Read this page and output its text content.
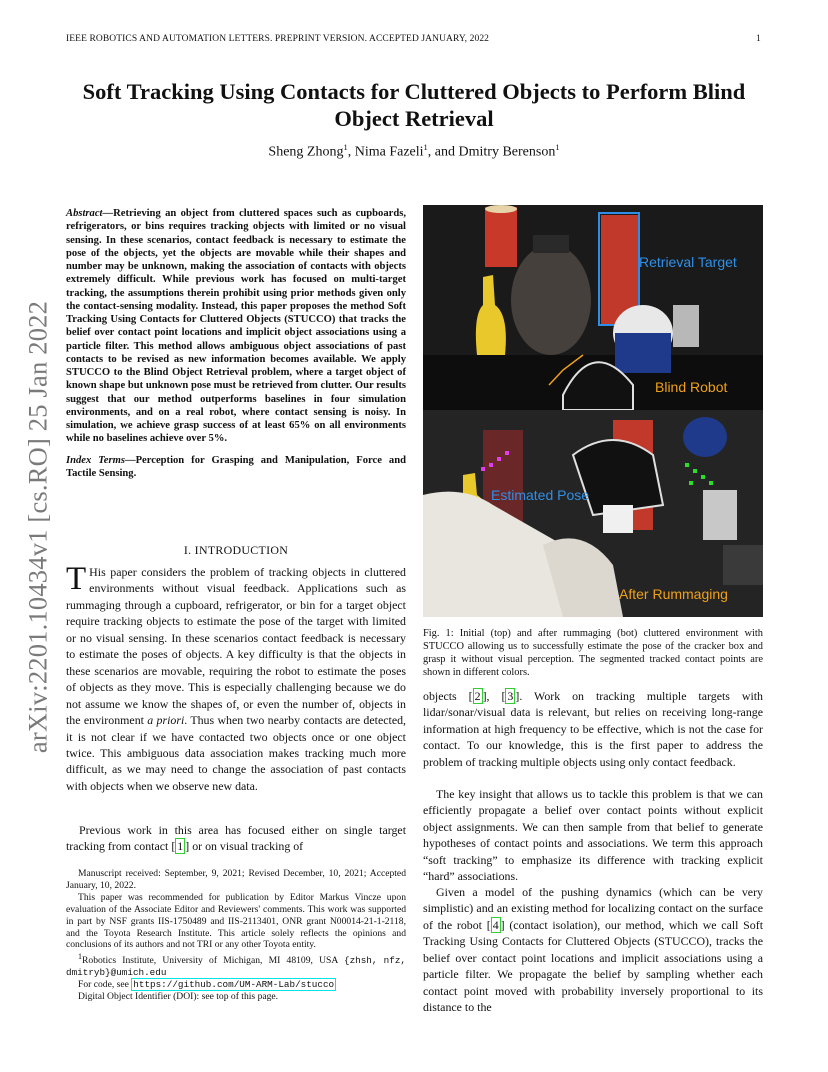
IEEE ROBOTICS AND AUTOMATION LETTERS. PREPRINT VERSION. ACCEPTED JANUARY, 2022	1
arXiv:2201.10434v1 [cs.RO] 25 Jan 2022
Soft Tracking Using Contacts for Cluttered Objects to Perform Blind Object Retrieval
Sheng Zhong$^1$, Nima Fazeli$^1$, and Dmitry Berenson$^1$

Abstract—Retrieving an object from cluttered spaces such as cupboards, refrigerators, or bins requires tracking objects with limited or no visual sensing. In these scenarios, contact feedback is necessary to estimate the pose of the objects, yet the objects are movable while their shapes and number may be unknown, making the association of contacts with objects extremely difficult. While previous work has focused on multi-target tracking, the assumptions therein prohibit using prior methods given only the contact-sensing modality. Instead, this paper proposes the method Soft Tracking Using Contacts for Cluttered Objects (STUCCO) that tracks the belief over contact point locations and implicit object associations using a particle filter. This method allows ambiguous object associations of past contacts to be revised as new information becomes available. We apply STUCCO to the Blind Object Retrieval problem, where a target object of known shape but unknown pose must be retrieved from clutter. Our results suggest that our method outperforms baselines in four simulation environments, and on a real robot, where contact sensing is noisy. In simulation, we achieve grasp success of at least 65% on all environments while no baselines achieve over 5%.

Index Terms—Perception for Grasping and Manipulation, Force and Tactile Sensing.

I. INTRODUCTION
T His paper considers the problem of tracking objects in cluttered environments without visual feedback. Applications such as rummaging through a cupboard, refrigerator, or bin for a target object require tracking objects to estimate the pose of the target with limited or no visual sensing. In these scenarios contact feedback is necessary to estimate the poses of objects. A key difficulty is that the objects in these scenarios are movable, requiring the robot to estimate the poses of objects as they move. This is especially challenging because we do not assume we know the shapes of, or even the number of, objects in the environment a priori. Thus when two nearby contacts are detected, it is not clear if we have contacted two objects once or one object twice. This ambiguous data association makes tracking much more difficult, as we may need to change the association of past contacts with objects when we observe new data.
Previous work in this area has focused either on single target tracking from contact [ 1 ] or on visual tracking of

Manuscript received: September, 9, 2021; Revised December, 10, 2021; Accepted January, 10, 2022.

This paper was recommended for publication by Editor Markus Vincze upon evaluation of the Associate Editor and Reviewers' comments. This work was supported in part by NSF grants IIS-1750489 and IIS-2113401, ONR grant N00014-21-1-2118, and the Toyota Research Institute. This article solely reflects the opinions and conclusions of its authors and not TRI or any other Toyota entity.

$^1$Robotics Institute, University of Michigan, MI 48109, USA {zhsh, nfz, dmitryb}@umich.edu

For code, see https://github.com/UM-ARM-Lab/stucco

Digital Object Identifier (DOI): see top of this page.

Retrieval Target
Blind Robot
Estimated Pose
After Rummaging
Fig. 1: Initial (top) and after rummaging (bot) cluttered environment with STUCCO allowing us to successfully estimate the pose of the cracker box and grasp it without visual perception. The segmented tracked contact points are shown in different colors.
objects [ 2 ], [ 3 ]. Work on tracking multiple targets with lidar/sonar/visual data is relevant, but relies on receiving long-range information at high frequency to be effective, which is not the case for contact. To our knowledge, this is the first paper to address the problem of tracking multiple objects using only contact feedback.
The key insight that allows us to tackle this problem is that we can efficiently propagate a belief over contact points without explicit object assignments. We can then sample from that belief to generate hypotheses of contact points and associations. We term this approach “soft tracking” to emphasize its difference with tracking explicit “hard” associations.
Given a model of the pushing dynamics (which can be very simplistic) and an existing method for localizing contact on the surface of the robot [ 4 ] (contact isolation), our method, which we call Soft Tracking Using Contacts for Cluttered Objects (STUCCO), tracks the belief over contact point locations and implicit associations using a particle filter. We propagate the belief by sampling whether each contact point moved with probability inversely proportional to its distance to the
